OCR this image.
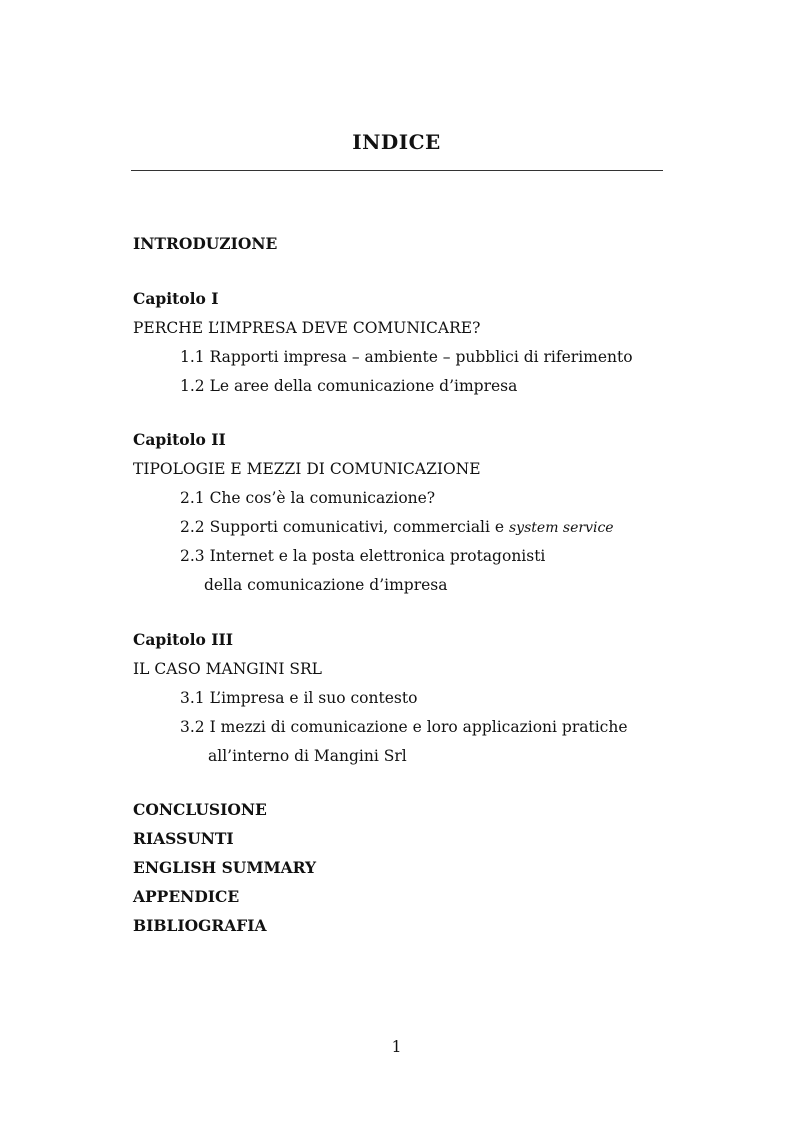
INDICE
INTRODUZIONE
Capitolo I
PERCHE L’IMPRESA DEVE COMUNICARE?
1.1 Rapporti impresa – ambiente – pubblici di riferimento
1.2 Le aree della comunicazione d’impresa
Capitolo II
TIPOLOGIE E MEZZI DI COMUNICAZIONE
2.1 Che cos’è la comunicazione?
2.2 Supporti comunicativi, commerciali e system service
2.3 Internet e la posta elettronica protagonisti
della comunicazione d’impresa
Capitolo III
IL CASO MANGINI SRL
3.1 L’impresa e il suo contesto
3.2 I mezzi di comunicazione e loro applicazioni pratiche
all’interno di Mangini Srl
CONCLUSIONE
RIASSUNTI
ENGLISH SUMMARY
APPENDICE
BIBLIOGRAFIA
1
